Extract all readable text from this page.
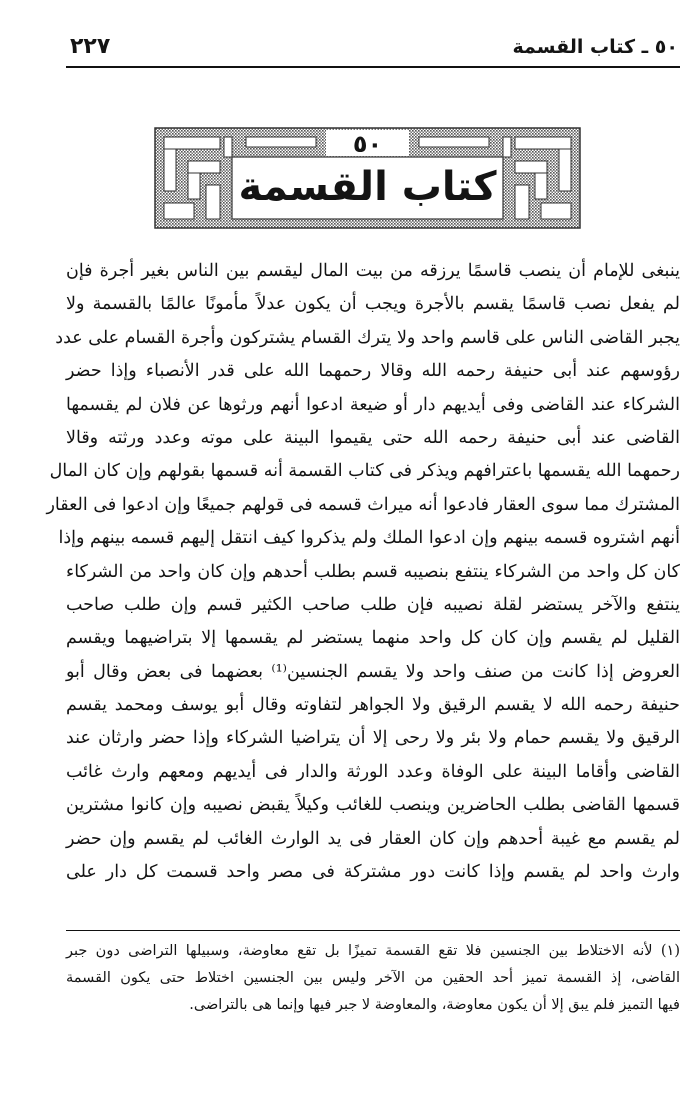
٥٠ ـ كتاب القسمة
٢٢٧
٥٠
كتاب القسمة
ينبغى للإمام أن ينصب قاسمًا يرزقه من بيت المال ليقسم بين الناس بغير أجرة فإن
لم يفعل نصب قاسمًا يقسم بالأجرة ويجب أن يكون عدلاً مأمونًا عالمًا بالقسمة ولا
يجبر القاضى الناس على قاسم واحد ولا يترك القسام يشتركون وأجرة القسام على عدد
رؤوسهم عند أبى حنيفة رحمه الله وقالا رحمهما الله على قدر الأنصباء وإذا حضر
الشركاء عند القاضى وفى أيديهم دار أو ضيعة ادعوا أنهم ورثوها عن فلان لم يقسمها
القاضى عند أبى حنيفة رحمه الله حتى يقيموا البينة على موته وعدد ورثته وقالا
رحمهما الله يقسمها باعترافهم ويذكر فى كتاب القسمة أنه قسمها بقولهم وإن كان المال
المشترك مما سوى العقار فادعوا أنه ميراث قسمه فى قولهم جميعًا وإن ادعوا فى العقار
أنهم اشتروه قسمه بينهم وإن ادعوا الملك ولم يذكروا كيف انتقل إليهم قسمه بينهم وإذا
كان كل واحد من الشركاء ينتفع بنصيبه قسم بطلب أحدهم وإن كان واحد من الشركاء
ينتفع والآخر يستضر لقلة نصيبه فإن طلب صاحب الكثير قسم وإن طلب صاحب
القليل لم يقسم وإن كان كل واحد منهما يستضر لم يقسمها إلا بتراضيهما ويقسم
العروض إذا كانت من صنف واحد ولا يقسم الجنسين⁽¹⁾ بعضهما فى بعض وقال أبو
حنيفة رحمه الله لا يقسم الرقيق ولا الجواهر لتفاوته وقال أبو يوسف ومحمد يقسم
الرقيق ولا يقسم حمام ولا بئر ولا رحى إلا أن يتراضيا الشركاء وإذا حضر وارثان عند
القاضى وأقاما البينة على الوفاة وعدد الورثة والدار فى أيديهم ومعهم وارث غائب
قسمها القاضى بطلب الحاضرين وينصب للغائب وكيلاً يقبض نصيبه وإن كانوا مشترين
لم يقسم مع غيبة أحدهم وإن كان العقار فى يد الوارث الغائب لم يقسم وإن حضر
وارث واحد لم يقسم وإذا كانت دور مشتركة فى مصر واحد قسمت كل دار على
(١) لأنه الاختلاط بين الجنسين فلا تقع القسمة تميزًا بل تقع معاوضة، وسبيلها التراضى دون جبر
القاضى، إذ القسمة تميز أحد الحقين من الآخر وليس بين الجنسين اختلاط حتى يكون القسمة
فيها التميز فلم يبق إلا أن يكون معاوضة، والمعاوضة لا جبر فيها وإنما هى بالتراضى.
